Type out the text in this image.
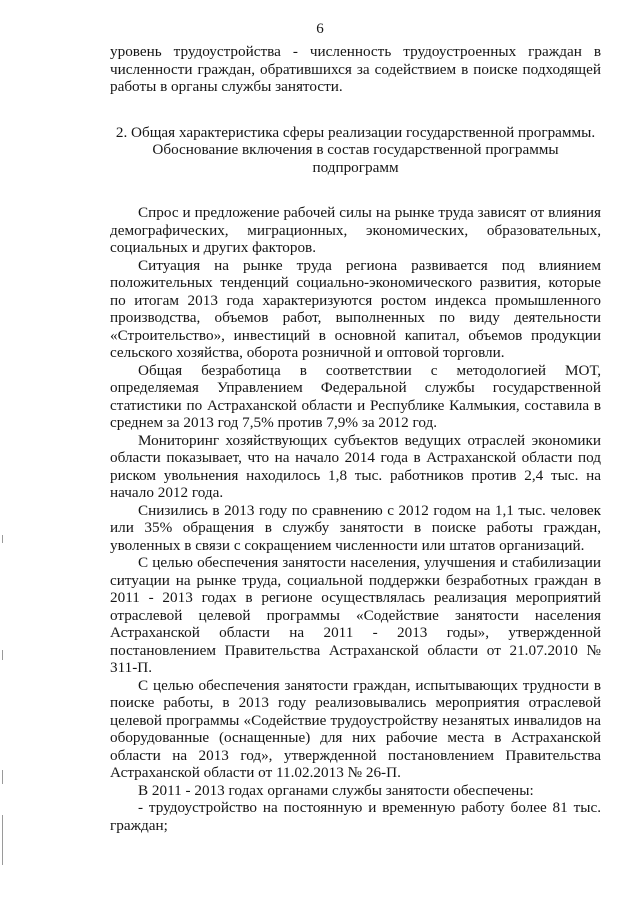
6

уровень трудоустройства - численность трудоустроенных граждан в численности граждан, обратившихся за содействием в поиске подходящей работы в органы службы занятости.

2. Общая характеристика сферы реализации государственной программы. Обоснование включения в состав государственной программы подпрограмм

Спрос и предложение рабочей силы на рынке труда зависят от влияния демографических, миграционных, экономических, образовательных, социальных и других факторов.

Ситуация на рынке труда региона развивается под влиянием положительных тенденций социально-экономического развития, которые по итогам 2013 года характеризуются ростом индекса промышленного производства, объемов работ, выполненных по виду деятельности «Строительство», инвестиций в основной капитал, объемов продукции сельского хозяйства, оборота розничной и оптовой торговли.

Общая безработица в соответствии с методологией МОТ, определяемая Управлением Федеральной службы государственной статистики по Астраханской области и Республике Калмыкия, составила в среднем за 2013 год 7,5% против 7,9% за 2012 год.

Мониторинг хозяйствующих субъектов ведущих отраслей экономики области показывает, что на начало 2014 года в Астраханской области под риском увольнения находилось 1,8 тыс. работников против 2,4 тыс. на начало 2012 года.

Снизились в 2013 году по сравнению с 2012 годом на 1,1 тыс. человек или 35% обращения в службу занятости в поиске работы граждан, уволенных в связи с сокращением численности или штатов организаций.

С целью обеспечения занятости населения, улучшения и стабилизации ситуации на рынке труда, социальной поддержки безработных граждан в 2011 - 2013 годах в регионе осуществлялась реализация мероприятий отраслевой целевой программы «Содействие занятости населения Астраханской области на 2011 - 2013 годы», утвержденной постановлением Правительства Астраханской области от 21.07.2010 № 311-П.

С целью обеспечения занятости граждан, испытывающих трудности в поиске работы, в 2013 году реализовывались мероприятия отраслевой целевой программы «Содействие трудоустройству незанятых инвалидов на оборудованные (оснащенные) для них рабочие места в Астраханской области на 2013 год», утвержденной постановлением Правительства Астраханской области от 11.02.2013 № 26-П.

В 2011 - 2013 годах органами службы занятости обеспечены:

- трудоустройство на постоянную и временную работу более 81 тыс. граждан;
